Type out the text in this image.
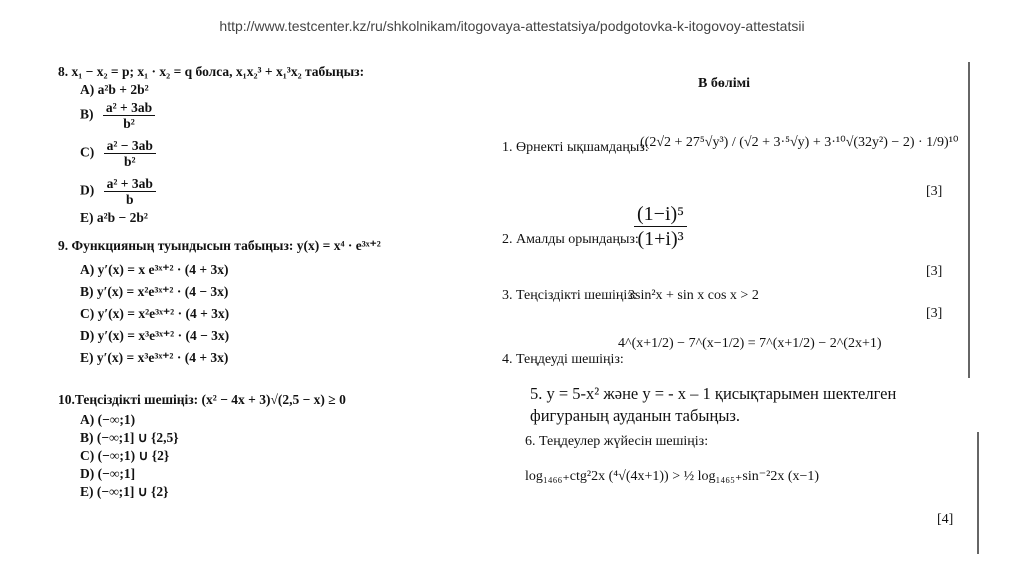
http://www.testcenter.kz/ru/shkolnikam/itogovaya-attestatsiya/podgotovka-k-itogovoy-attestatsii
8. x₁ − x₂ = p; x₁ · x₂ = q болса, x₁x₂³ + x₁³x₂ табыңыз:
A) a²b + 2b²
$B) \frac{\text{a² + 3ab}}{\text{b²}}$
$C) \frac{\text{a² − 3ab}}{\text{b²}}$
$D) \frac{\text{a² + 3ab}}{b}$
E) a²b − 2b²
9. Функцияның туындысын табыңыз: y(x) = x⁴ · e³ˣ⁺²
A) y′(x) = x e³ˣ⁺² · (4 + 3x)
B) y′(x) = x²e³ˣ⁺² · (4 − 3x)
C) y′(x) = x²e³ˣ⁺² · (4 + 3x)
D) y′(x) = x³e³ˣ⁺² · (4 − 3x)
E) y′(x) = x³e³ˣ⁺² · (4 + 3x)
10.Теңсіздікті шешіңіз: (x² − 4x + 3)√(2,5 − x) ≥ 0
A) (−∞;1)
B) (−∞;1] ∪ {2,5}
C) (−∞;1) ∪ {2}
D) (−∞;1]
E) (−∞;1] ∪ {2}
В бөлімі
1. Өрнекті ықшамдаңыз:
((2√2 + 27⁵√y³) / (√2 + 3·⁵√y) + 3·¹⁰√(32y²) − 2) · 1/9)¹⁰
[3]
2. Амалды орындаңыз:
$\frac{\text{(1−i)⁵}}{\text{(1+i)³}}$
[3]
3. Теңсіздікті шешіңіз:
3sin²x + sin x cos x > 2
[3]
4. Теңдеуді шешіңіз:
4^(x+1/2) − 7^(x−1/2) = 7^(x+1/2) − 2^(2x+1)
5. y = 5-x² және y = - x – 1 қисықтарымен шектелген фигураның ауданын табыңыз.
6. Теңдеулер жүйесін шешіңіз:
log₁₄₆₆₊ctg²2x (⁴√(4x+1)) > ½ log₁₄₆₅₊sin⁻²2x (x−1)
[4]
